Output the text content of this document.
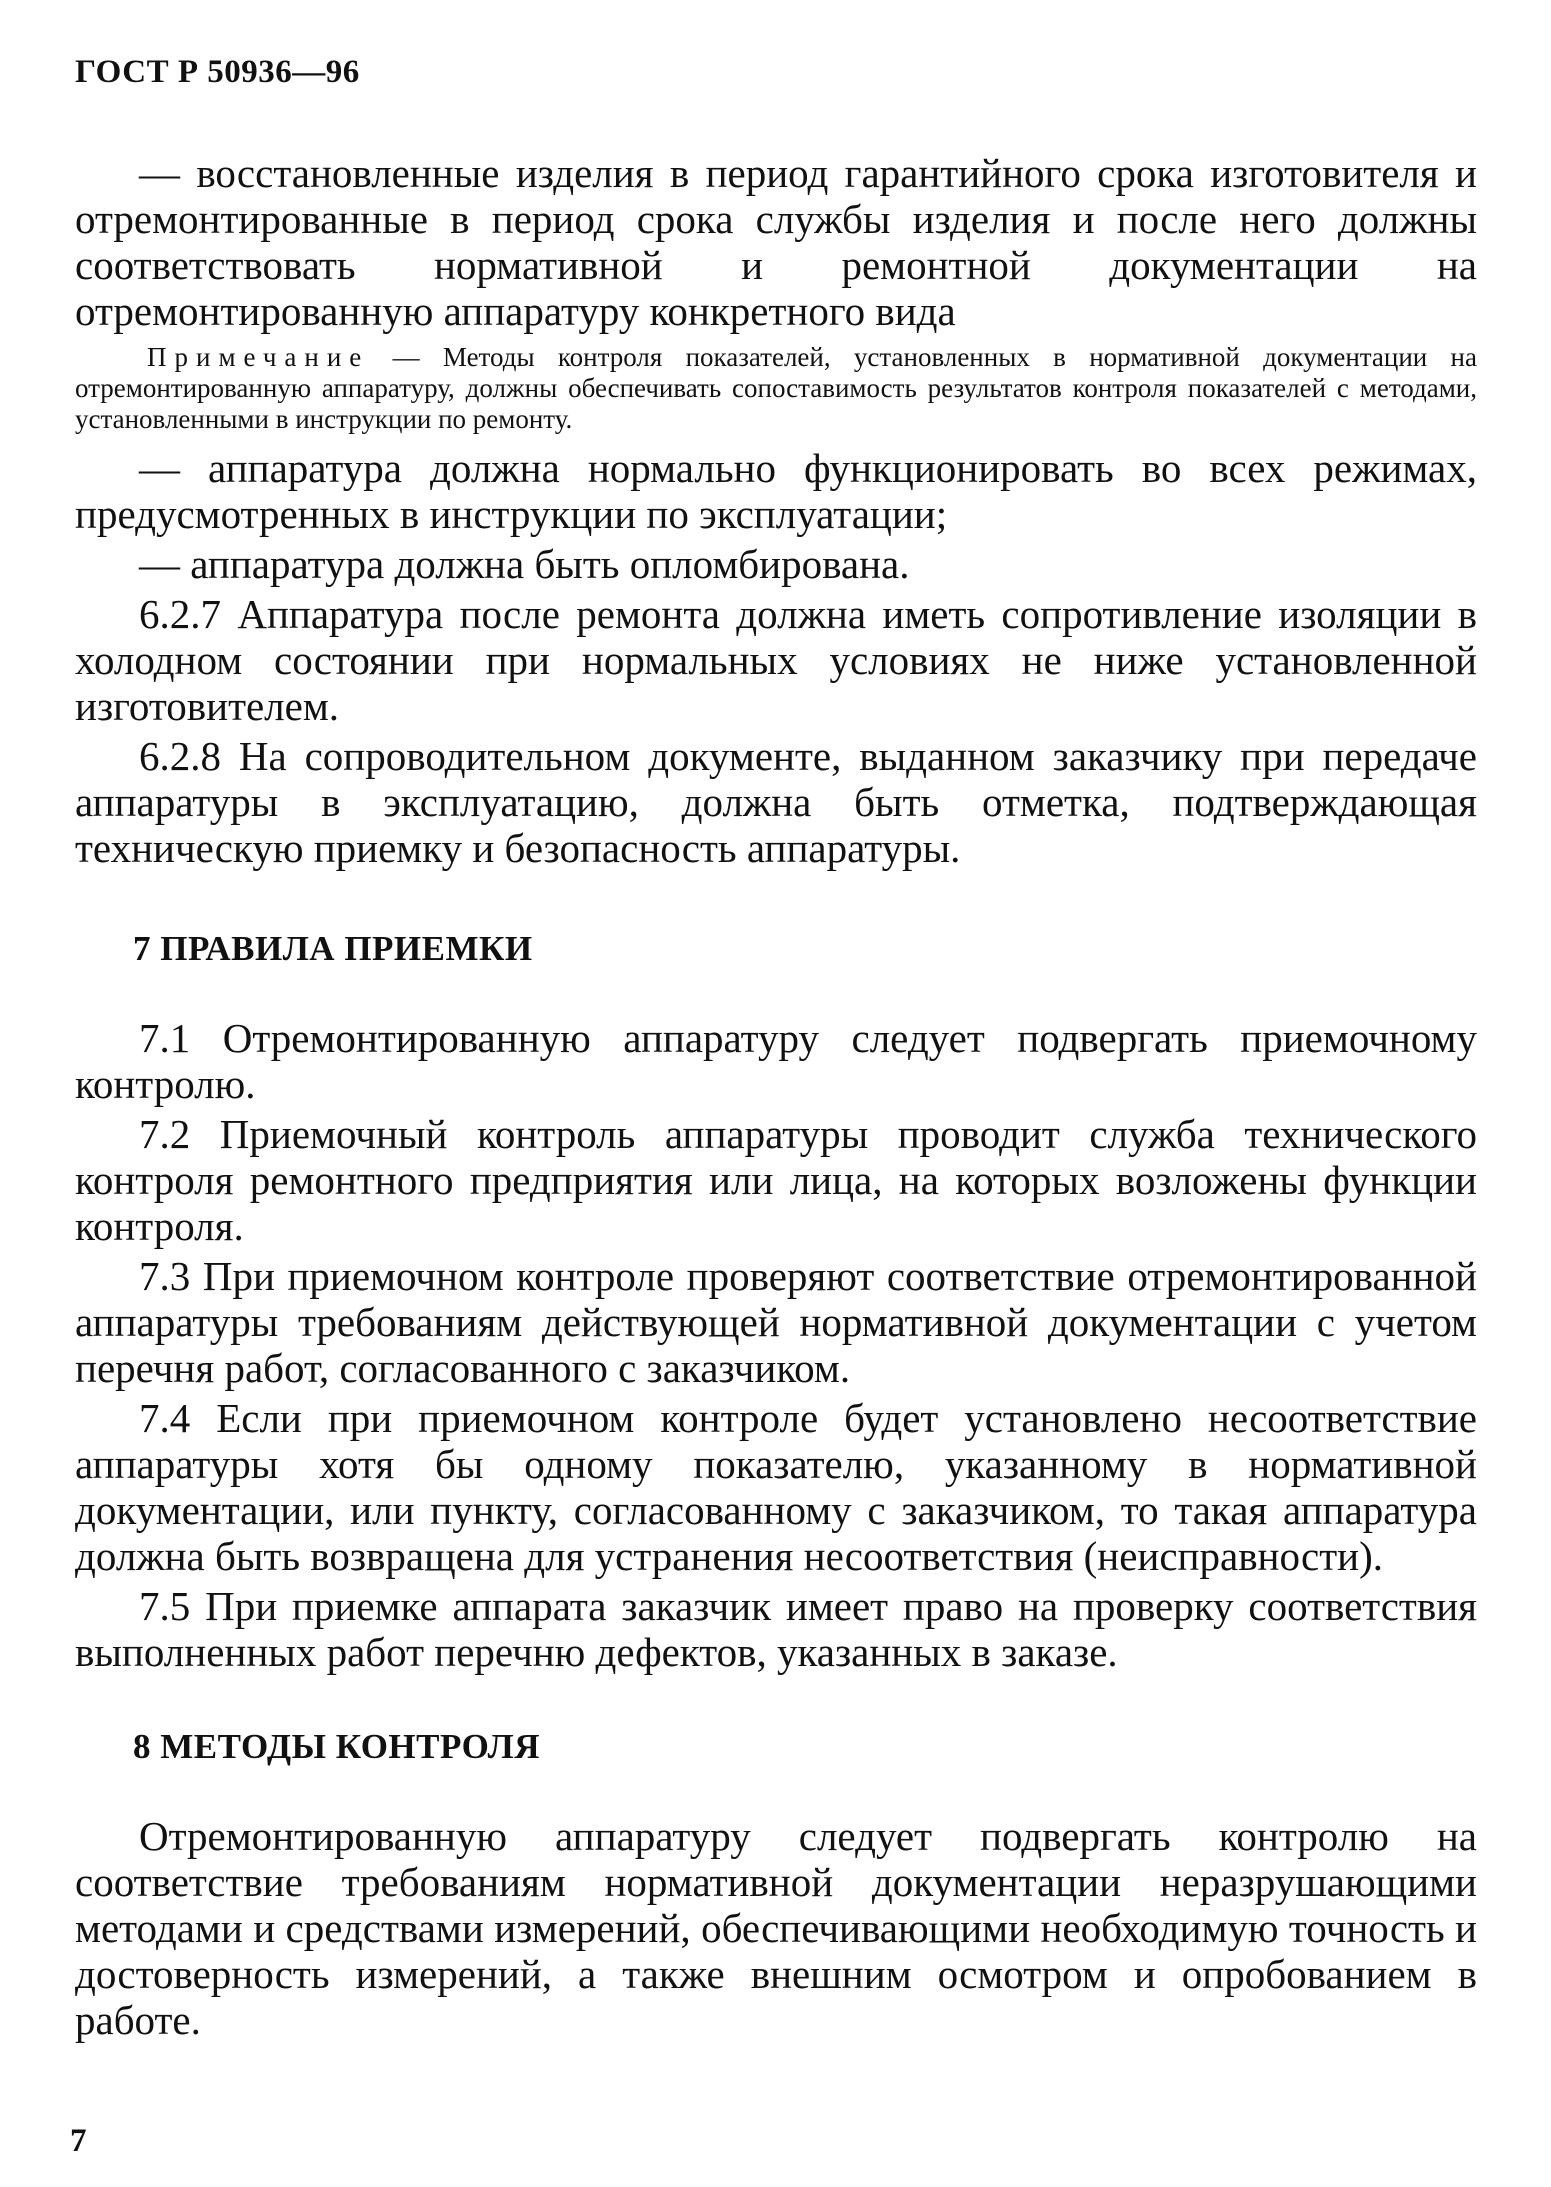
ГОСТ Р 50936—96

— восстановленные изделия в период гарантийного срока изготовителя и отремонтированные в период срока службы изделия и после него должны соответствовать нормативной и ремонтной документации на отремонтированную аппаратуру конкретного вида

Примечание — Методы контроля показателей, установленных в нормативной документации на отремонтированную аппаратуру, должны обеспечивать сопоставимость результатов контроля показателей с методами, установленными в инструкции по ремонту.

— аппаратура должна нормально функционировать во всех режимах, предусмотренных в инструкции по эксплуатации;

— аппаратура должна быть опломбирована.

6.2.7 Аппаратура после ремонта должна иметь сопротивление изоляции в холодном состоянии при нормальных условиях не ниже установленной изготовителем.

6.2.8 На сопроводительном документе, выданном заказчику при передаче аппаратуры в эксплуатацию, должна быть отметка, подтверждающая техническую приемку и безопасность аппаратуры.

7 ПРАВИЛА ПРИЕМКИ

7.1 Отремонтированную аппаратуру следует подвергать приемочному контролю.

7.2 Приемочный контроль аппаратуры проводит служба технического контроля ремонтного предприятия или лица, на которых возложены функции контроля.

7.3 При приемочном контроле проверяют соответствие отремонтированной аппаратуры требованиям действующей нормативной документации с учетом перечня работ, согласованного с заказчиком.

7.4 Если при приемочном контроле будет установлено несоответствие аппаратуры хотя бы одному показателю, указанному в нормативной документации, или пункту, согласованному с заказчиком, то такая аппаратура должна быть возвращена для устранения несоответствия (неисправности).

7.5 При приемке аппарата заказчик имеет право на проверку соответствия выполненных работ перечню дефектов, указанных в заказе.

8 МЕТОДЫ КОНТРОЛЯ

Отремонтированную аппаратуру следует подвергать контролю на соответствие требованиям нормативной документации неразрушающими методами и средствами измерений, обеспечивающими необходимую точность и достоверность измерений, а также внешним осмотром и опробованием в работе.

7
